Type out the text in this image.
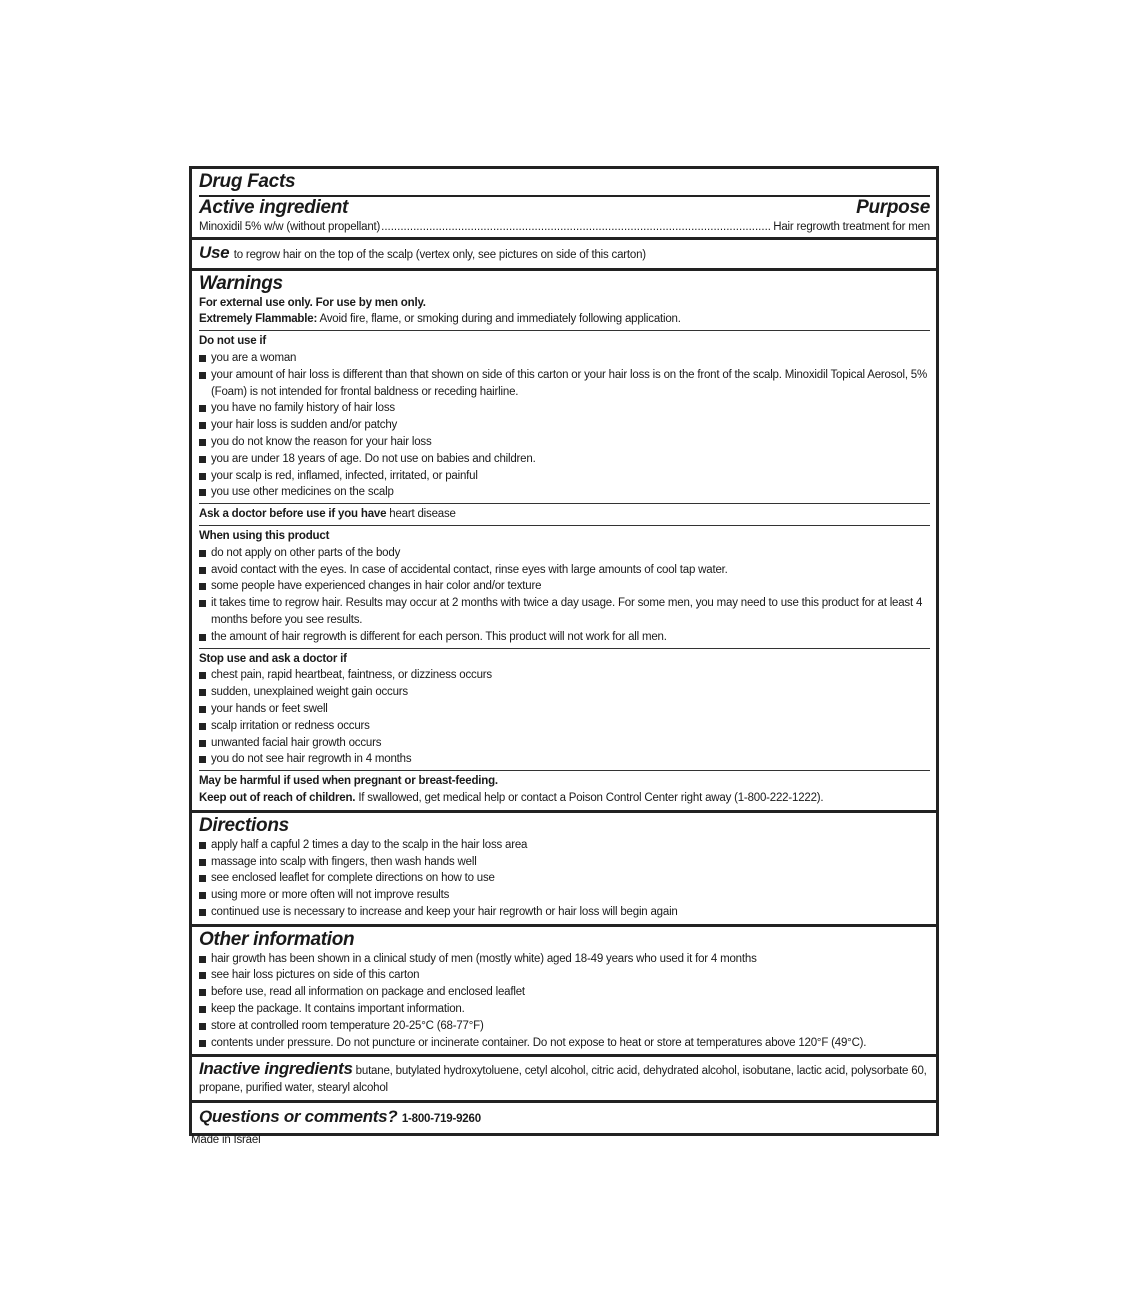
Drug Facts
Active ingredient	Purpose
Minoxidil 5% w/w (without propellant)
.....	Hair regrowth treatment for men
Use to regrow hair on the top of the scalp (vertex only, see pictures on side of this carton)
Warnings
For external use only. For use by men only.
Extremely Flammable: Avoid fire, flame, or smoking during and immediately following application.
Do not use if
you are a woman
your amount of hair loss is different than that shown on side of this carton or your hair loss is on the front of the scalp. Minoxidil Topical Aerosol, 5% (Foam) is not intended for frontal baldness or receding hairline.
you have no family history of hair loss
your hair loss is sudden and/or patchy
you do not know the reason for your hair loss
you are under 18 years of age. Do not use on babies and children.
your scalp is red, inflamed, infected, irritated, or painful
you use other medicines on the scalp
Ask a doctor before use if you have heart disease
When using this product
do not apply on other parts of the body
avoid contact with the eyes. In case of accidental contact, rinse eyes with large amounts of cool tap water.
some people have experienced changes in hair color and/or texture
it takes time to regrow hair. Results may occur at 2 months with twice a day usage. For some men, you may need to use this product for at least 4 months before you see results.
the amount of hair regrowth is different for each person. This product will not work for all men.
Stop use and ask a doctor if
chest pain, rapid heartbeat, faintness, or dizziness occurs
sudden, unexplained weight gain occurs
your hands or feet swell
scalp irritation or redness occurs
unwanted facial hair growth occurs
you do not see hair regrowth in 4 months
May be harmful if used when pregnant or breast-feeding.
Keep out of reach of children. If swallowed, get medical help or contact a Poison Control Center right away (1-800-222-1222).
Directions
apply half a capful 2 times a day to the scalp in the hair loss area
massage into scalp with fingers, then wash hands well
see enclosed leaflet for complete directions on how to use
using more or more often will not improve results
continued use is necessary to increase and keep your hair regrowth or hair loss will begin again
Other information
hair growth has been shown in a clinical study of men (mostly white) aged 18-49 years who used it for 4 months
see hair loss pictures on side of this carton
before use, read all information on package and enclosed leaflet
keep the package. It contains important information.
store at controlled room temperature 20-25°C (68-77°F)
contents under pressure. Do not puncture or incinerate container. Do not expose to heat or store at temperatures above 120°F (49°C).
Inactive ingredients butane, butylated hydroxytoluene, cetyl alcohol, citric acid, dehydrated alcohol, isobutane, lactic acid, polysorbate 60, propane, purified water, stearyl alcohol
Questions or comments? 1-800-719-9260
Made in Israel
